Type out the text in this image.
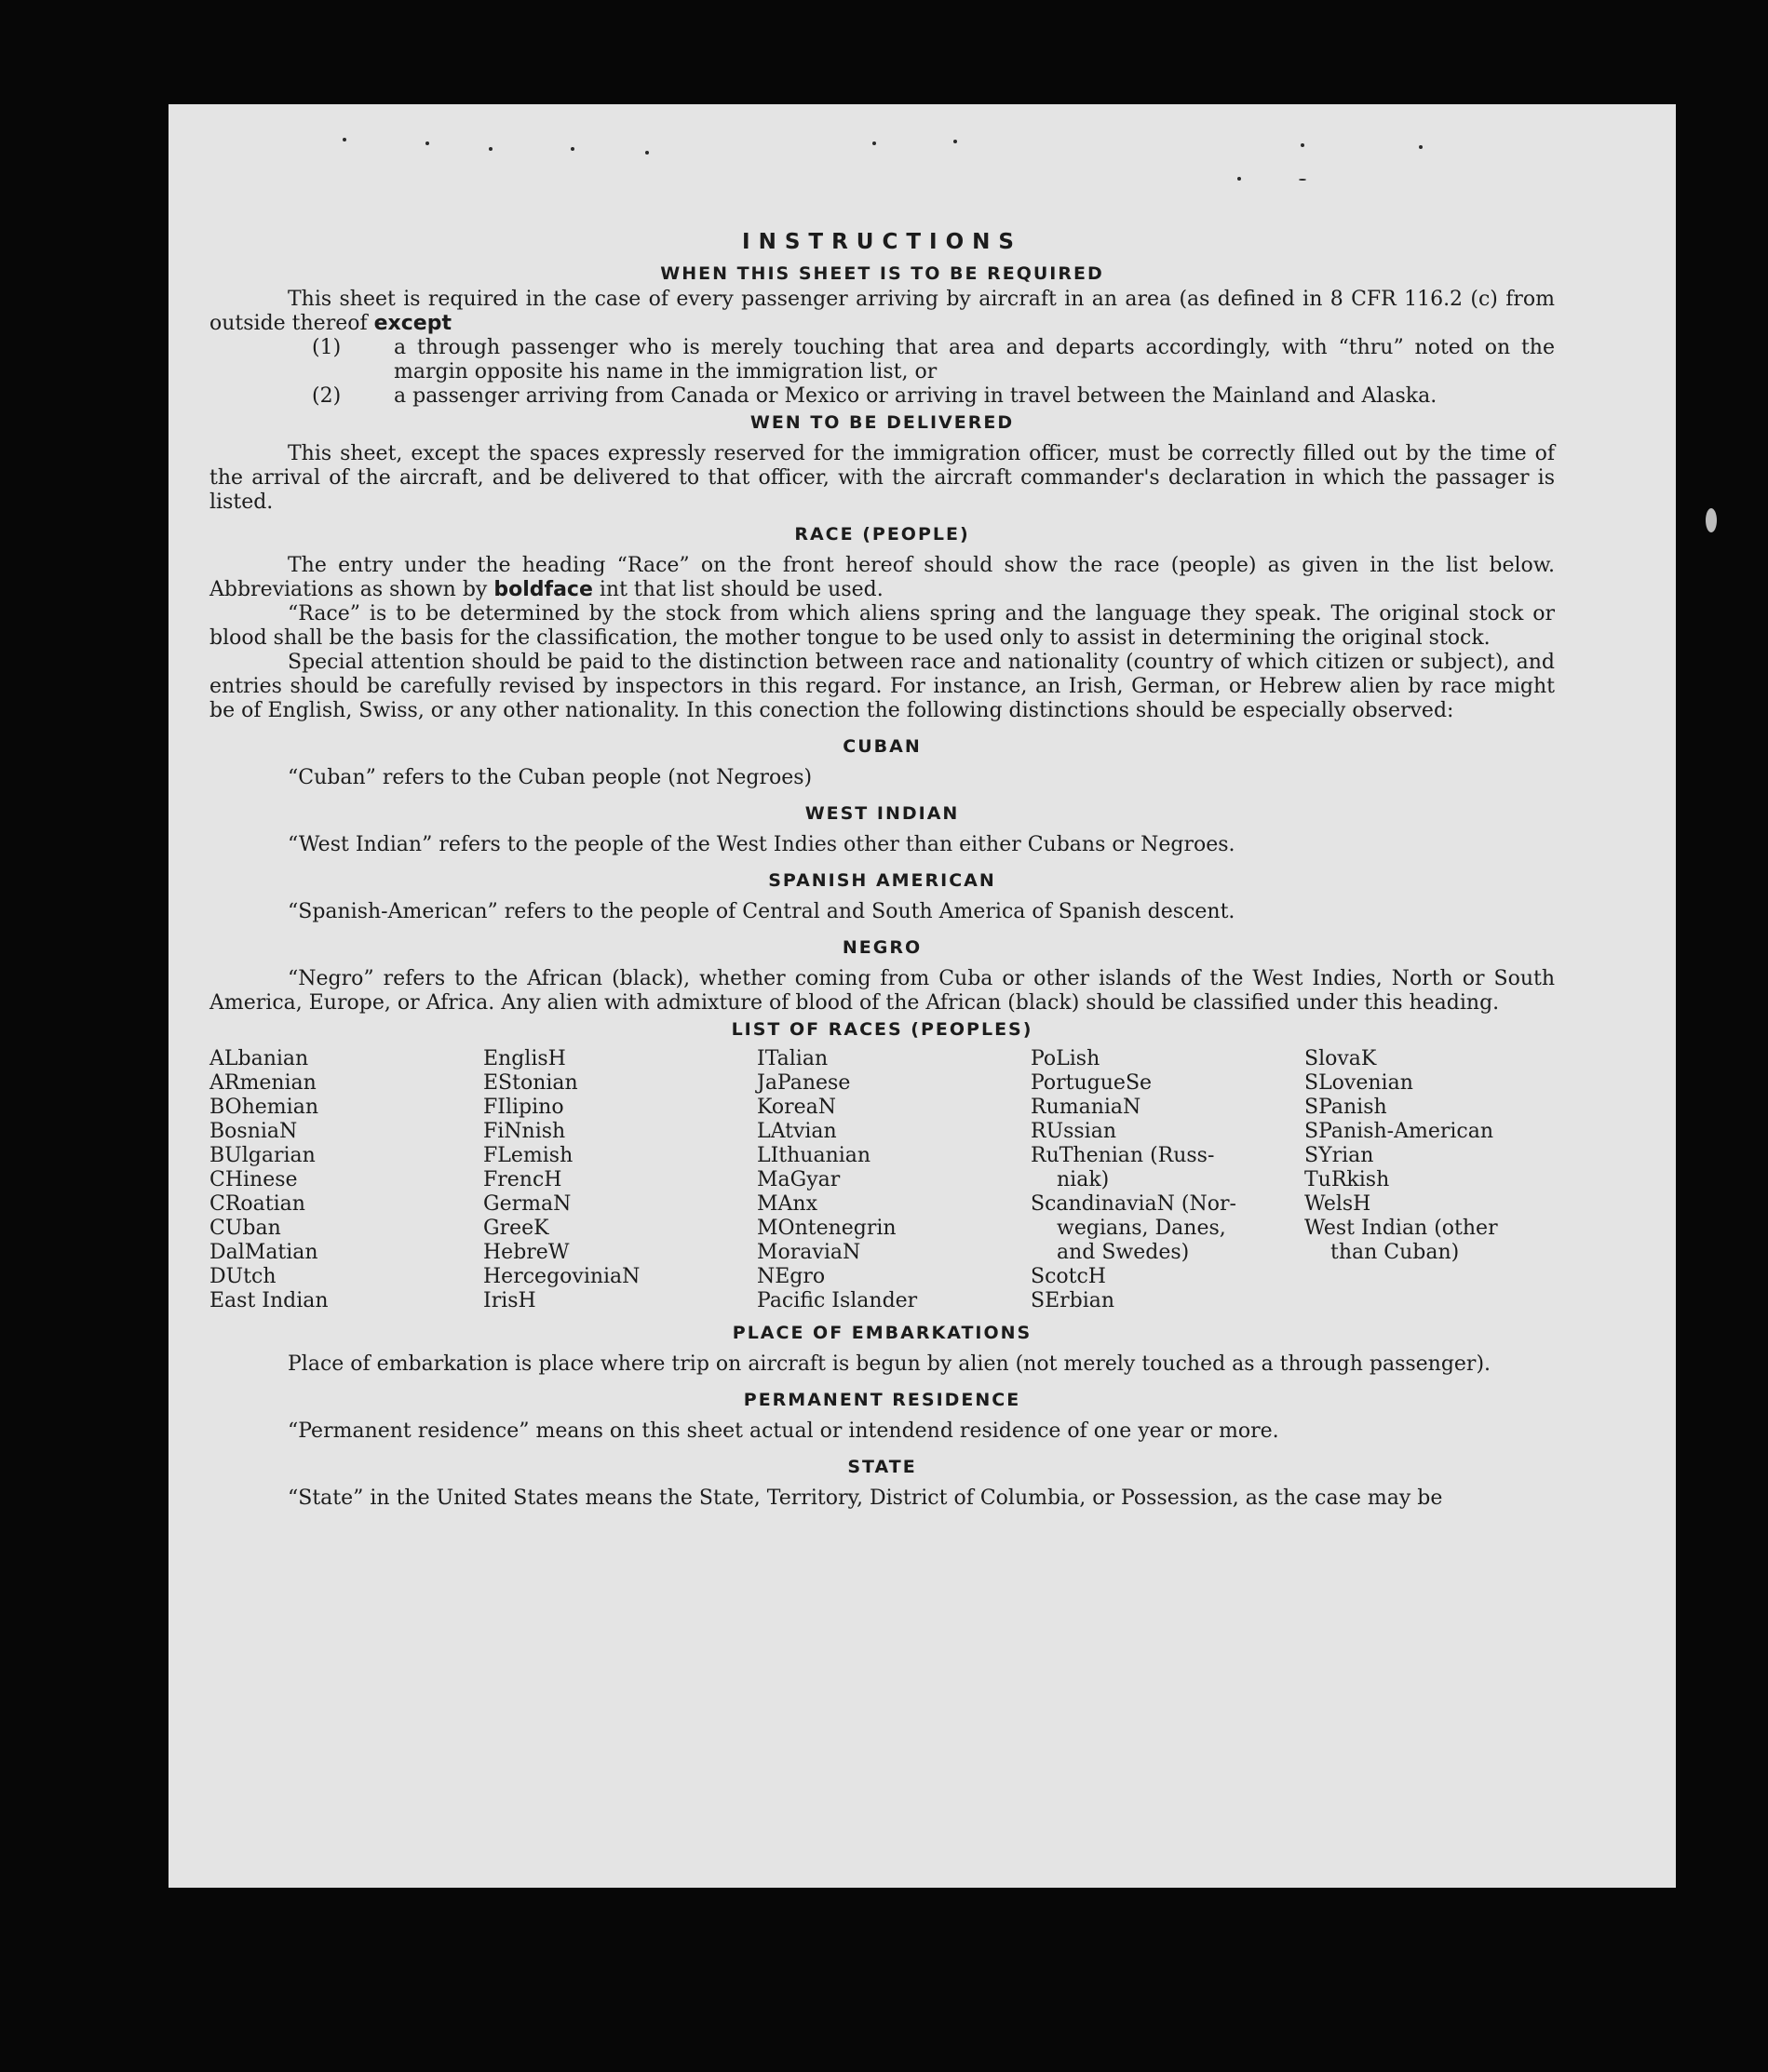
INSTRUCTIONS
WHEN THIS SHEET IS TO BE REQUIRED

This sheet is required in the case of every passenger arriving by aircraft in an area (as defined in 8 CFR 116.2 (c) from outside thereof except

(1)	a through passenger who is merely touching that area and departs accordingly, with “thru” noted on the margin opposite his name in the immigration list, or
(2)	a passenger arriving from Canada or Mexico or arriving in travel between the Mainland and Alaska.
WEN TO BE DELIVERED

This sheet, except the spaces expressly reserved for the immigration officer, must be correctly filled out by the time of the arrival of the aircraft, and be delivered to that officer, with the aircraft commander's declaration in which the passager is listed.

RACE (PEOPLE)

The entry under the heading “Race” on the front hereof should show the race (people) as given in the list below. Abbreviations as shown by boldface int that list should be used.

“Race” is to be determined by the stock from which aliens spring and the language they speak. The original stock or blood shall be the basis for the classification, the mother tongue to be used only to assist in determining the original stock.

Special attention should be paid to the distinction between race and nationality (country of which citizen or subject), and entries should be carefully revised by inspectors in this regard. For instance, an Irish, German, or Hebrew alien by race might be of English, Swiss, or any other nationality. In this conection the following distinctions should be especially observed:

CUBAN

“Cuban” refers to the Cuban people (not Negroes)

WEST INDIAN

“West Indian” refers to the people of the West Indies other than either Cubans or Negroes.

SPANISH AMERICAN

“Spanish-American” refers to the people of Central and South America of Spanish descent.

NEGRO

“Negro” refers to the African (black), whether coming from Cuba or other islands of the West Indies, North or South America, Europe, or Africa. Any alien with admixture of blood of the African (black) should be classified under this heading.

LIST OF RACES (PEOPLES)
ALbanian
ARmenian
BOhemian
BosniaN
BUlgarian
CHinese
CRoatian
CUban
DalMatian
DUtch
East Indian
EnglisH
EStonian
FIlipino
FiNnish
FLemish
FrencH
GermaN
GreeK
HebreW
HercegoviniaN
IrisH
ITalian
JaPanese
KoreaN
LAtvian
LIthuanian
MaGyar
MAnx
MOntenegrin
MoraviaN
NEgro
Pacific Islander
PoLish
PortugueSe
RumaniaN
RUssian
RuThenian (Russ-
niak)
ScandinaviaN (Nor-
wegians, Danes,
and Swedes)
ScotcH
SErbian
SlovaK
SLovenian
SPanish
SPanish-American
SYrian
TuRkish
WelsH
West Indian (other
than Cuban)
PLACE OF EMBARKATIONS

Place of embarkation is place where trip on aircraft is begun by alien (not merely touched as a through passenger).

PERMANENT RESIDENCE

“Permanent residence” means on this sheet actual or intendend residence of one year or more.

STATE

“State” in the United States means the State, Territory, District of Columbia, or Possession, as the case may be
